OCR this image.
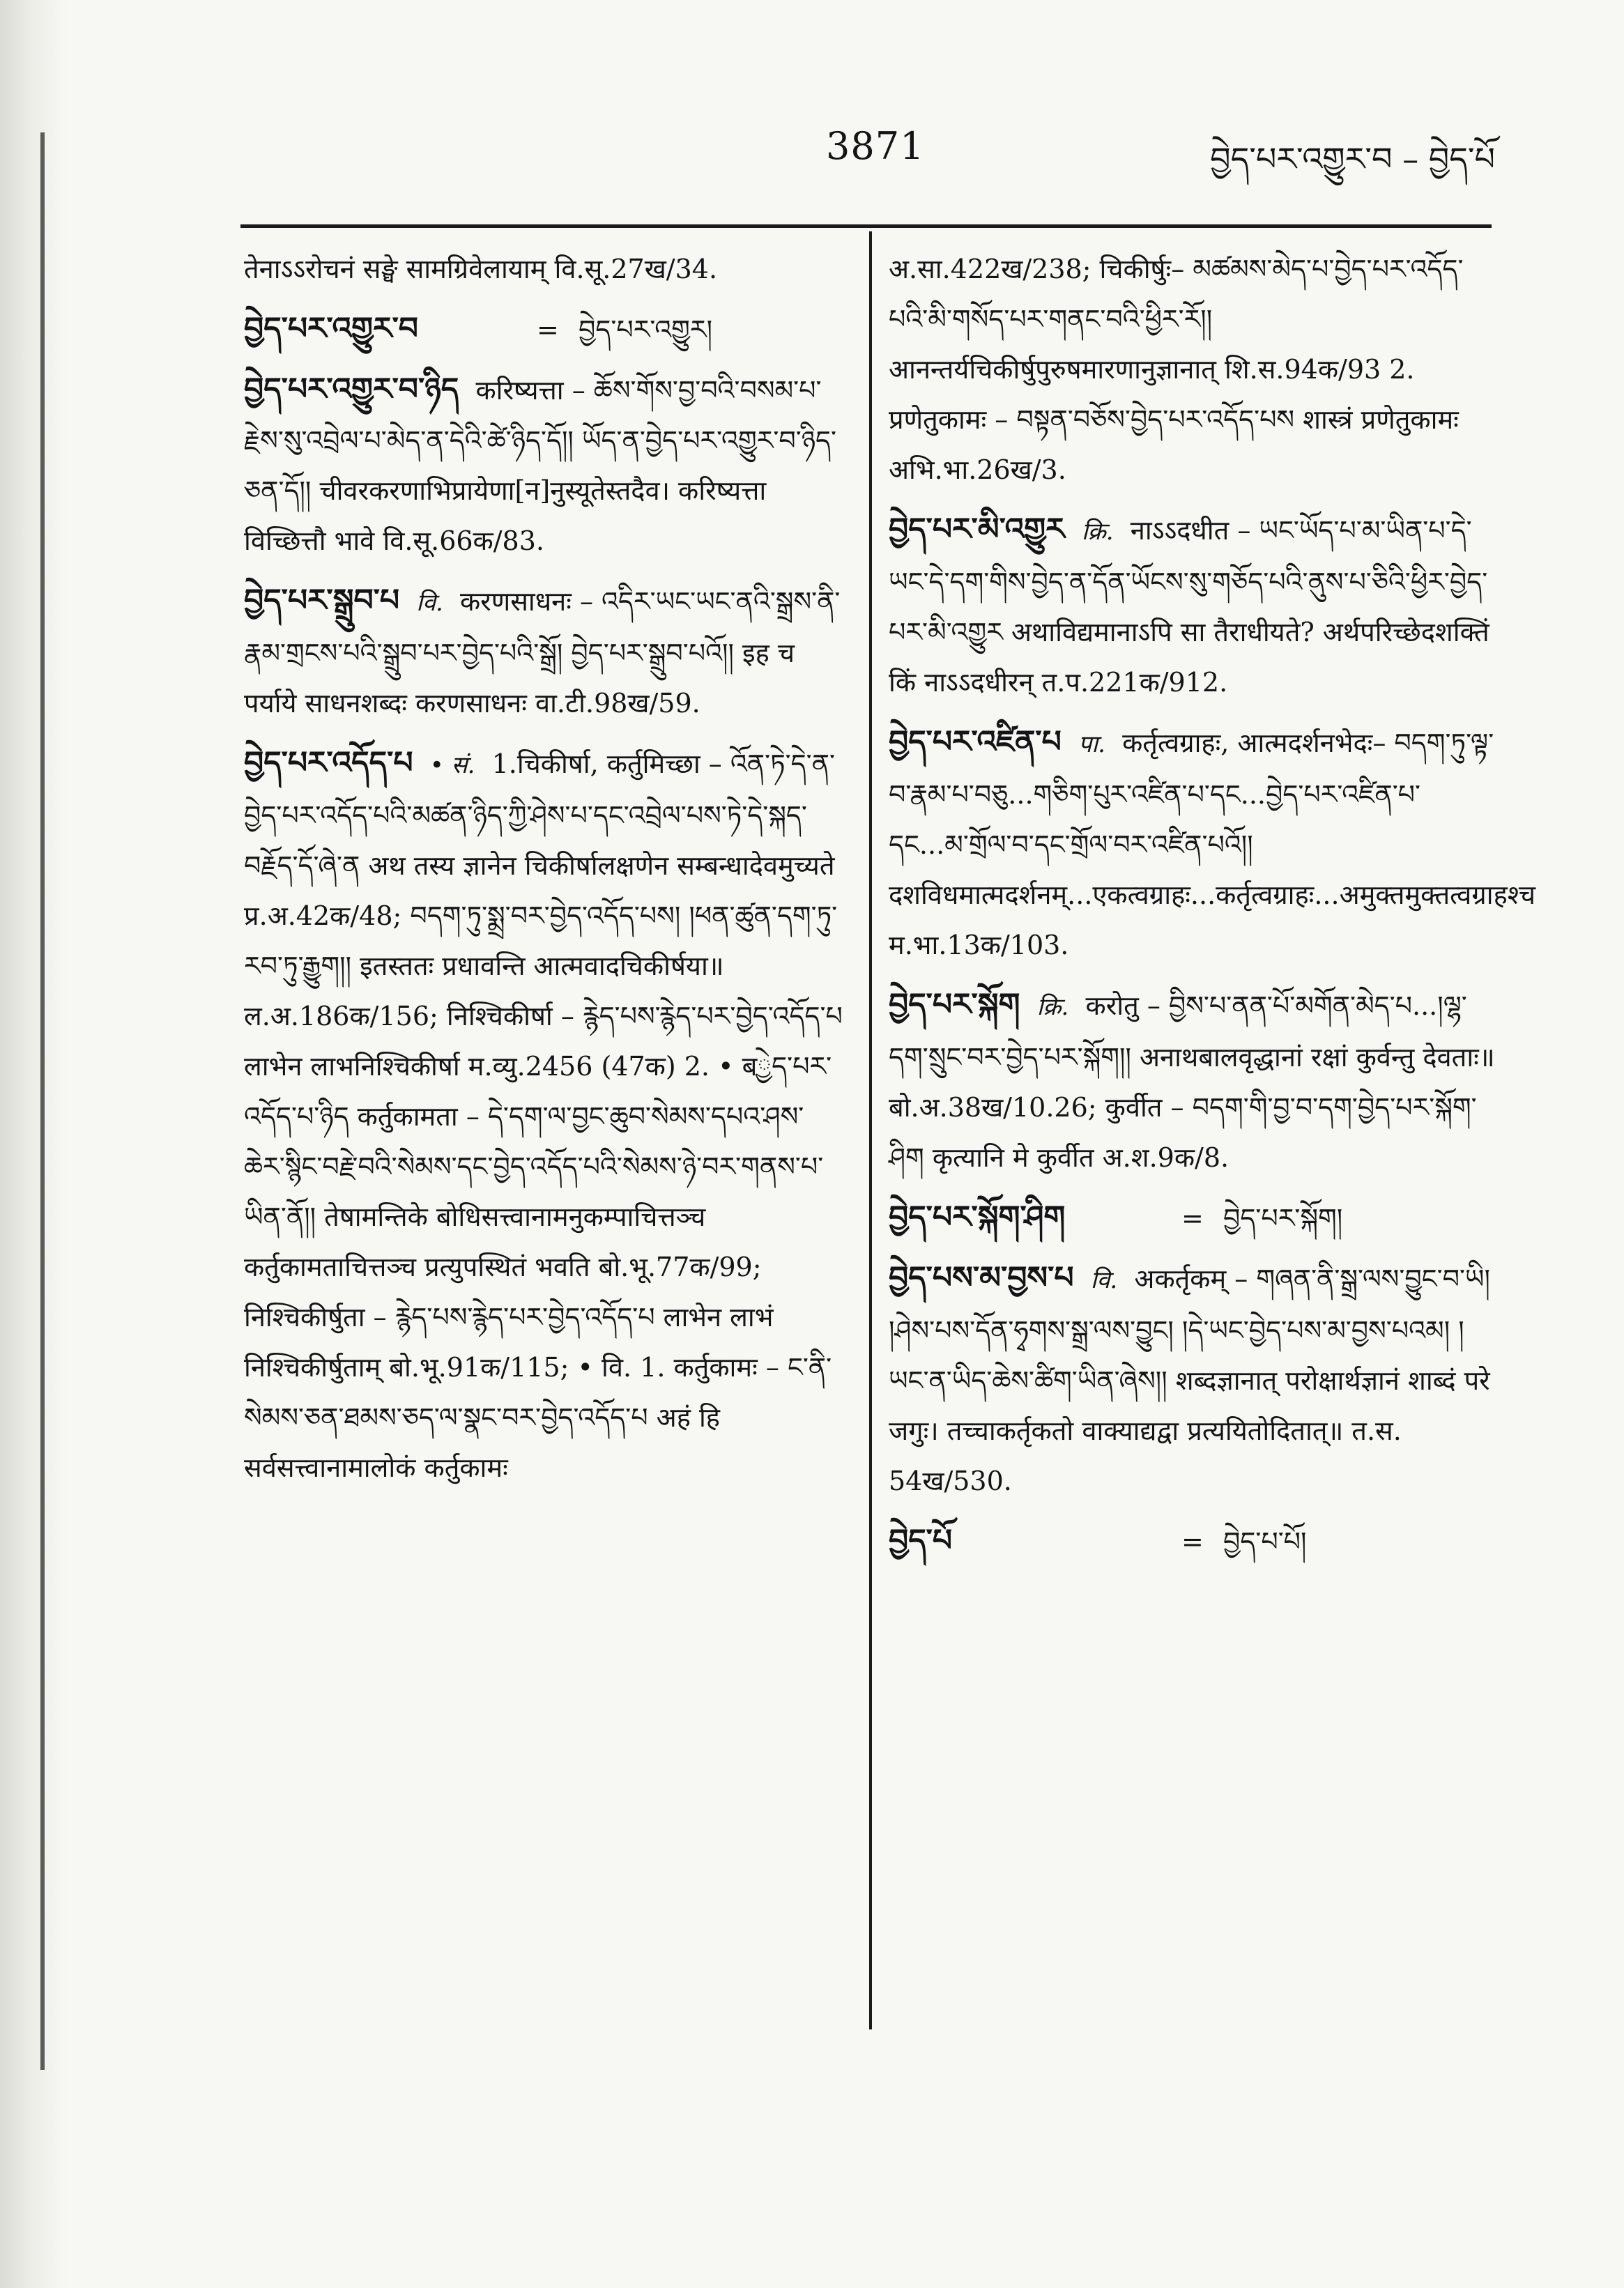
3871	བྱེད་པར་འགྱུར་བ – བྱེད་པོ
तेनाऽऽरोचनं सङ्घे सामग्रिवेलायाम् वि.सू.27ख/34.
བྱེད་པར་འགྱུར་བ	= བྱེད་པར་འགྱུར།
བྱེད་པར་འགྱུར་བ་ཉིད करिष्यत्ता – ཆོས་གོས་བྱ་བའི་བསམ་པ་རྗེས་སུ་འབྲེལ་པ་མེད་ན་དེའི་ཚེ་ཉིད་དོ།། ཡོད་ན་བྱེད་པར་འགྱུར་བ་ཉིད་ཅན་དོ།། चीवरकरणाभिप्रायेणा[न]नुस्यूतेस्तदैव। करिष्यत्ता विच्छित्तौ भावे वि.सू.66क/83.
བྱེད་པར་སྒྲུབ་པ वि. करणसाधनः – འདིར་ཡང་ཡང་ནའི་སྒྲས་ནི་རྣམ་གྲངས་པའི་སྒྲུབ་པར་བྱེད་པའི་སྒྲོ། བྱེད་པར་སྒྲུབ་པའོ།། इह च पर्याये साधनशब्दः करणसाधनः वा.टी.98ख/59.
བྱེད་པར་འདོད་པ • सं. 1.चिकीर्षा, कर्तुमिच्छा – འོན་ཏེ་དེ་ན་བྱེད་པར་འདོད་པའི་མཚན་ཉིད་ཀྱི་ཤེས་པ་དང་འབྲེལ་པས་ཏེ་དེ་སྐད་བརྗོད་དོ་ཞེ་ན अथ तस्य ज्ञानेन चिकीर्षालक्षणेन सम्बन्धादेवमुच्यते प्र.अ.42क/48; བདག་ཏུ་སྨྲ་བར་བྱེད་འདོད་པས། །ཕན་ཚུན་དག་ཏུ་རབ་ཏུ་རྒྱུག།། इतस्ततः प्रधावन्ति आत्मवादचिकीर्षया॥ ल.अ.186क/156; निश्चिकीर्षा – རྙེད་པས་རྙེད་པར་བྱེད་འདོད་པ लाभेन लाभनिश्चिकीर्षा म.व्यु.2456 (47क) 2. • बྱེད་པར་འདོད་པ་ཉིད कर्तुकामता – དེ་དག་ལ་བྱང་ཆུབ་སེམས་དཔའ་ཤས་ཆེར་སྙིང་བརྗེ་བའི་སེམས་དང་བྱེད་འདོད་པའི་སེམས་ཉེ་བར་གནས་པ་ཡིན་ནོ།། तेषामन्तिके बोधिसत्त्वानामनुकम्पाचित्तञ्च कर्तुकामताचित्तञ्च प्रत्युपस्थितं भवति बो.भू.77क/99; निश्चिकीर्षुता – རྙེད་པས་རྙེད་པར་བྱེད་འདོད་པ लाभेन लाभं निश्चिकीर्षुताम् बो.भू.91क/115; • वि. 1. कर्तुकामः – ང་ནི་སེམས་ཅན་ཐམས་ཅད་ལ་སྣང་བར་བྱེད་འདོད་པ अहं हि सर्वसत्त्वानामालोकं कर्तुकामः
अ.सा.422ख/238; चिकीर्षुः– མཚམས་མེད་པ་བྱེད་པར་འདོད་པའི་མི་གསོད་པར་གནང་བའི་ཕྱིར་རོ།། आनन्तर्यचिकीर्षुपुरुषमारणानुज्ञानात् शि.स.94क/93 2. प्रणेतुकामः – བསྟན་བཅོས་བྱེད་པར་འདོད་པས शास्त्रं प्रणेतुकामः अभि.भा.26ख/3.
བྱེད་པར་མི་འགྱུར क्रि. नाऽऽदधीत – ཡང་ཡོད་པ་མ་ཡིན་པ་དེ་ཡང་དེ་དག་གིས་བྱེད་ན་དོན་ཡོངས་སུ་གཅོད་པའི་ནུས་པ་ཅིའི་ཕྱིར་བྱེད་པར་མི་འགྱུར अथाविद्यमानाऽपि सा तैराधीयते? अर्थपरिच्छेदशक्तिं किं नाऽऽदधीरन् त.प.221क/912.
བྱེད་པར་འཛིན་པ पा. कर्तृत्वग्राहः, आत्मदर्शनभेदः– བདག་ཏུ་ལྟ་བ་རྣམ་པ་བཅུ...གཅིག་པུར་འཛིན་པ་དང...བྱེད་པར་འཛིན་པ་དང...མ་གྲོལ་བ་དང་གྲོལ་བར་འཛིན་པའོ།། दशविधमात्मदर्शनम्...एकत्वग्राहः...कर्तृत्वग्राहः...अमुक्तमुक्तत्वग्राहश्च म.भा.13क/103.
བྱེད་པར་སྐོག क्रि. करोतु – བྱིས་པ་ནན་པོ་མགོན་མེད་པ...།ལྷ་དག་སྲུང་བར་བྱེད་པར་སྐོག།། अनाथबालवृद्धानां रक्षां कुर्वन्तु देवताः॥ बो.अ.38ख/10.26; कुर्वीत – བདག་གི་བྱ་བ་དག་བྱེད་པར་སྐོག་ཤིག कृत्यानि मे कुर्वीत अ.श.9क/8.
བྱེད་པར་སྐོག་ཤིག	= བྱེད་པར་སྐོག།
བྱེད་པས་མ་བྱས་པ वि. अकर्तृकम् – གཞན་ནི་སྒྲ་ལས་བྱུང་བ་ཡི། །ཤེས་པས་དོན་ཧྭགས་སྒྲ་ལས་བྱུང། །དེ་ཡང་བྱེད་པས་མ་བྱས་པའམ། །ཡང་ན་ཡིད་ཆེས་ཚིག་ཡིན་ཞེས།། शब्दज्ञानात् परोक्षार्थज्ञानं शाब्दं परे जगुः। तच्चाकर्तृकतो वाक्याद्यद्वा प्रत्ययितोदितात्॥ त.स. 54ख/530.
བྱེད་པོ	= བྱེད་པ་པོ།
